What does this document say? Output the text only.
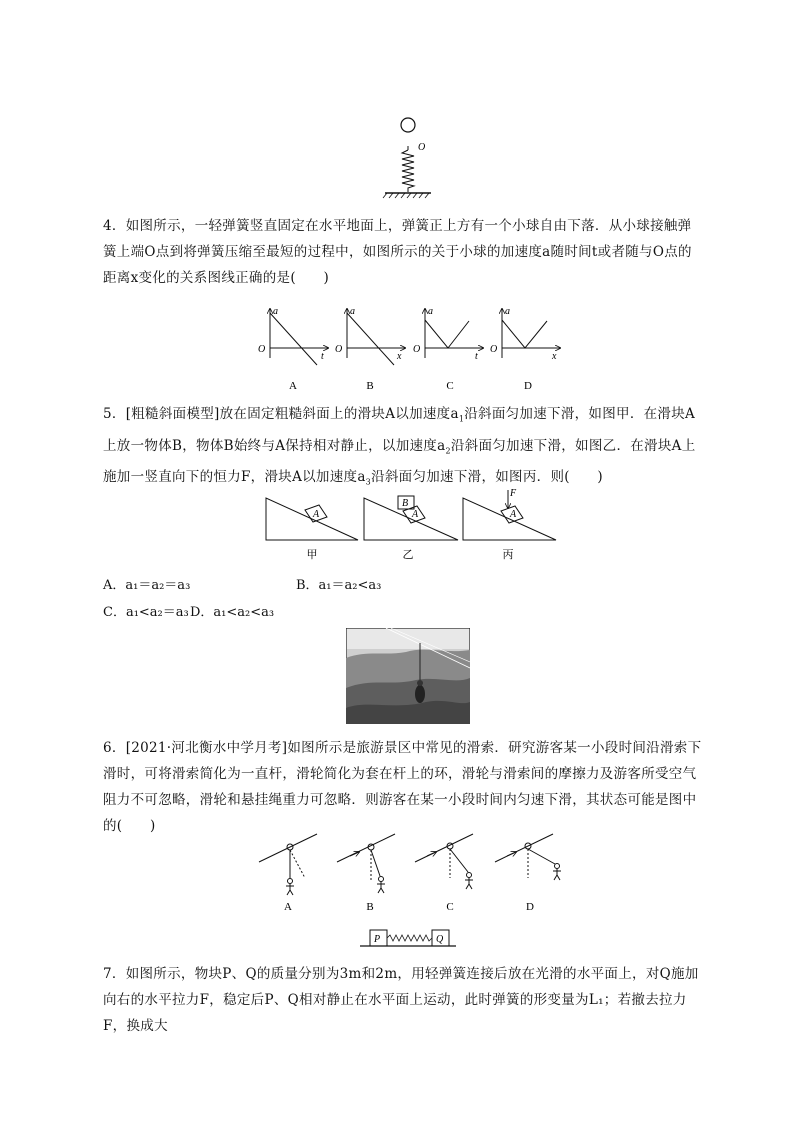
O
4．如图所示，一轻弹簧竖直固定在水平地面上，弹簧正上方有一个小球自由下落．从小球接触弹簧上端O点到将弹簧压缩至最短的过程中，如图所示的关于小球的加速度a随时间t或者随与O点的距离x变化的关系图线正确的是(　　)
a
t
O
a
x
O
a
t
O
a
x
O
A	B	C	D
5．[粗糙斜面模型]放在固定粗糙斜面上的滑块A以加速度$a_1$沿斜面匀加速下滑，如图甲．在滑块A上放一物体B，物体B始终与A保持相对静止，以加速度$a_2$沿斜面匀加速下滑，如图乙．在滑块A上施加一竖直向下的恒力F，滑块A以加速度$a_3$沿斜面匀加速下滑，如图丙．则(　　)
A
甲
B
A
乙
F
A
丙
A．a₁＝a₂＝a₃	B．a₁＝a₂<a₃
C．a₁<a₂＝a₃ D．a₁<a₂<a₃
6．[2021·河北衡水中学月考]如图所示是旅游景区中常见的滑索．研究游客某一小段时间沿滑索下滑时，可将滑索简化为一直杆，滑轮简化为套在杆上的环，滑轮与滑索间的摩擦力及游客所受空气阻力不可忽略，滑轮和悬挂绳重力可忽略．则游客在某一小段时间内匀速下滑，其状态可能是图中的(　　)
A	B	C	D
P	Q
7．如图所示，物块P、Q的质量分别为3m和2m，用轻弹簧连接后放在光滑的水平面上，对Q施加向右的水平拉力F，稳定后P、Q相对静止在水平面上运动，此时弹簧的形变量为L₁；若撤去拉力F，换成大
